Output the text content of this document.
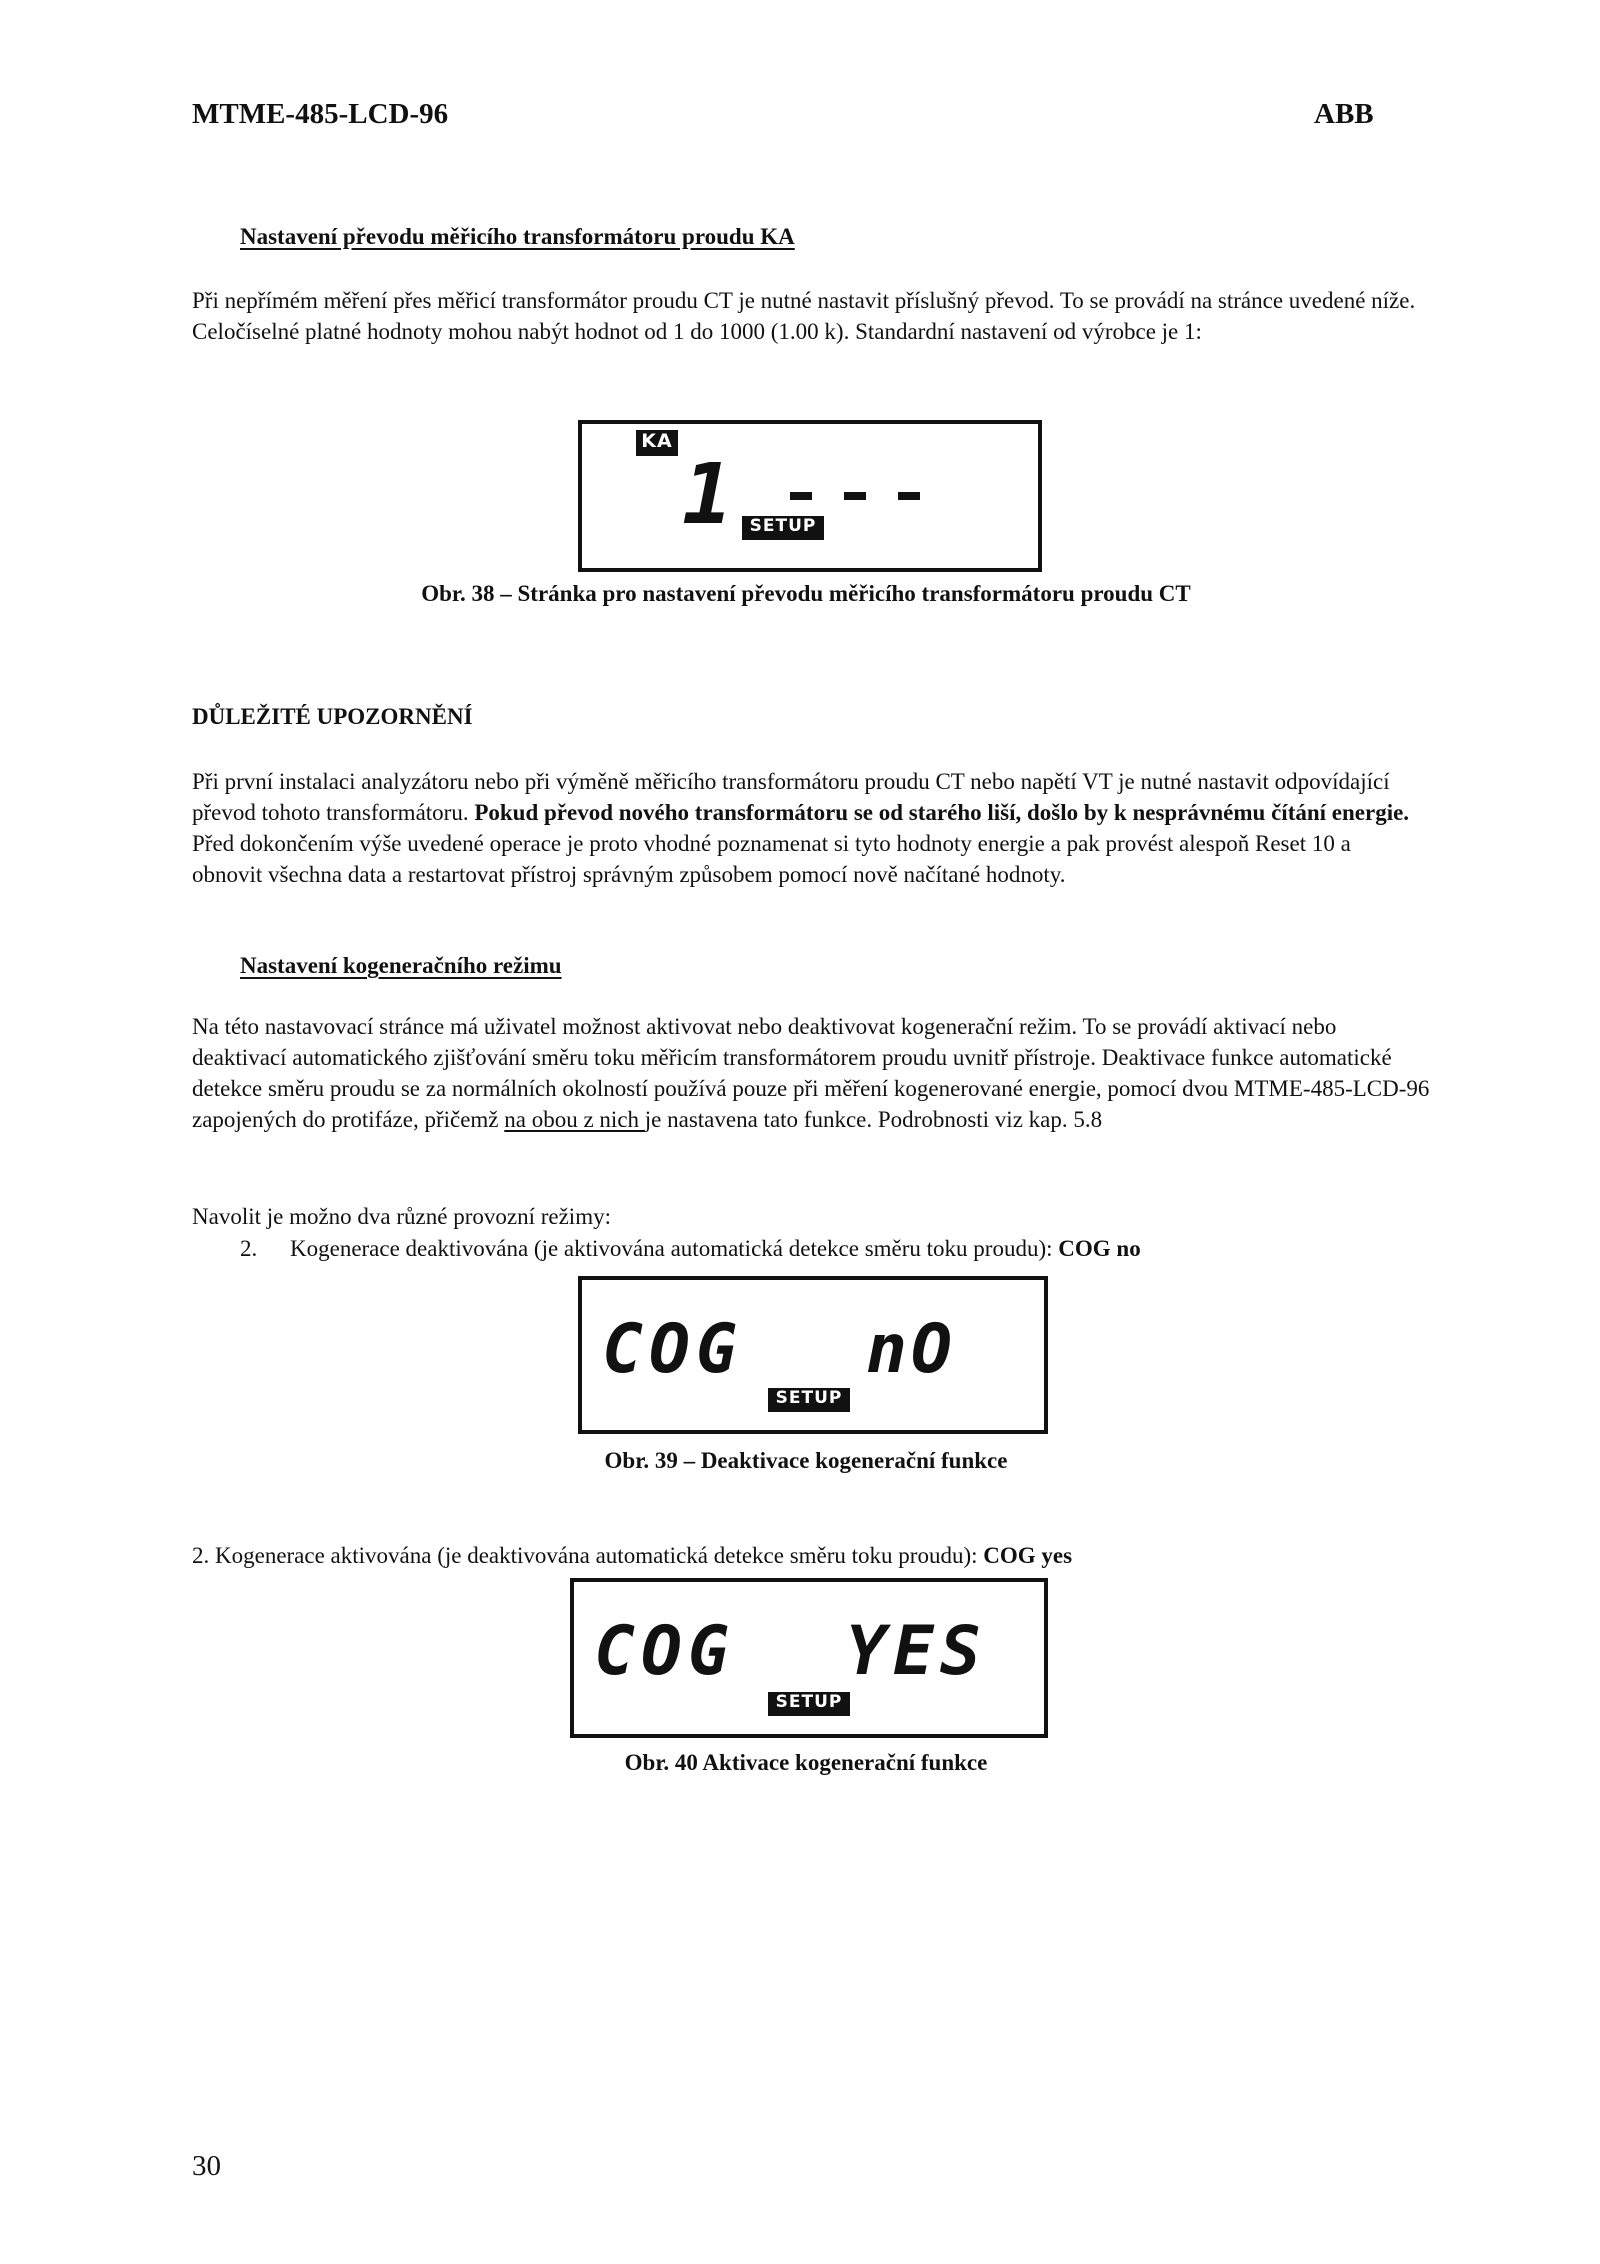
MTME-485-LCD-96	ABB
Nastavení převodu měřicího transformátoru proudu KA
Při nepřímém měření přes měřicí transformátor proudu CT je nutné nastavit příslušný převod. To se provádí na stránce uvedené níže. Celočíselné platné hodnoty mohou nabýt hodnot od 1 do 1000 (1.00 k). Standardní nastavení od výrobce je 1:
KA
1	SETUP
Obr. 38 – Stránka pro nastavení převodu měřicího transformátoru proudu CT
DŮLEŽITÉ UPOZORNĚNÍ
Při první instalaci analyzátoru nebo při výměně měřicího transformátoru proudu CT nebo napětí VT je nutné nastavit odpovídající převod tohoto transformátoru. Pokud převod nového transformátoru se od starého liší, došlo by k nesprávnému čítání energie. Před dokončením výše uvedené operace je proto vhodné poznamenat si tyto hodnoty energie a pak provést alespoň Reset 10 a obnovit všechna data a restartovat přístroj správným způsobem pomocí nově načítané hodnoty.
Nastavení kogeneračního režimu
Na této nastavovací stránce má uživatel možnost aktivovat nebo deaktivovat kogenerační režim. To se provádí aktivací nebo deaktivací automatického zjišťování směru toku měřicím transformátorem proudu uvnitř přístroje. Deaktivace funkce automatické detekce směru proudu se za normálních okolností používá pouze při měření kogenerované energie, pomocí dvou MTME-485-LCD-96 zapojených do protifáze, přičemž na obou z nich je nastavena tato funkce. Podrobnosti viz kap. 5.8
Navolit je možno dva různé provozní režimy:
2. Kogenerace deaktivována (je aktivována automatická detekce směru toku proudu): COG no
COG nO
SETUP
Obr. 39 – Deaktivace kogenerační funkce
2. Kogenerace aktivována (je deaktivována automatická detekce směru toku proudu): COG yes
COG YES
SETUP
Obr. 40 Aktivace kogenerační funkce
30
